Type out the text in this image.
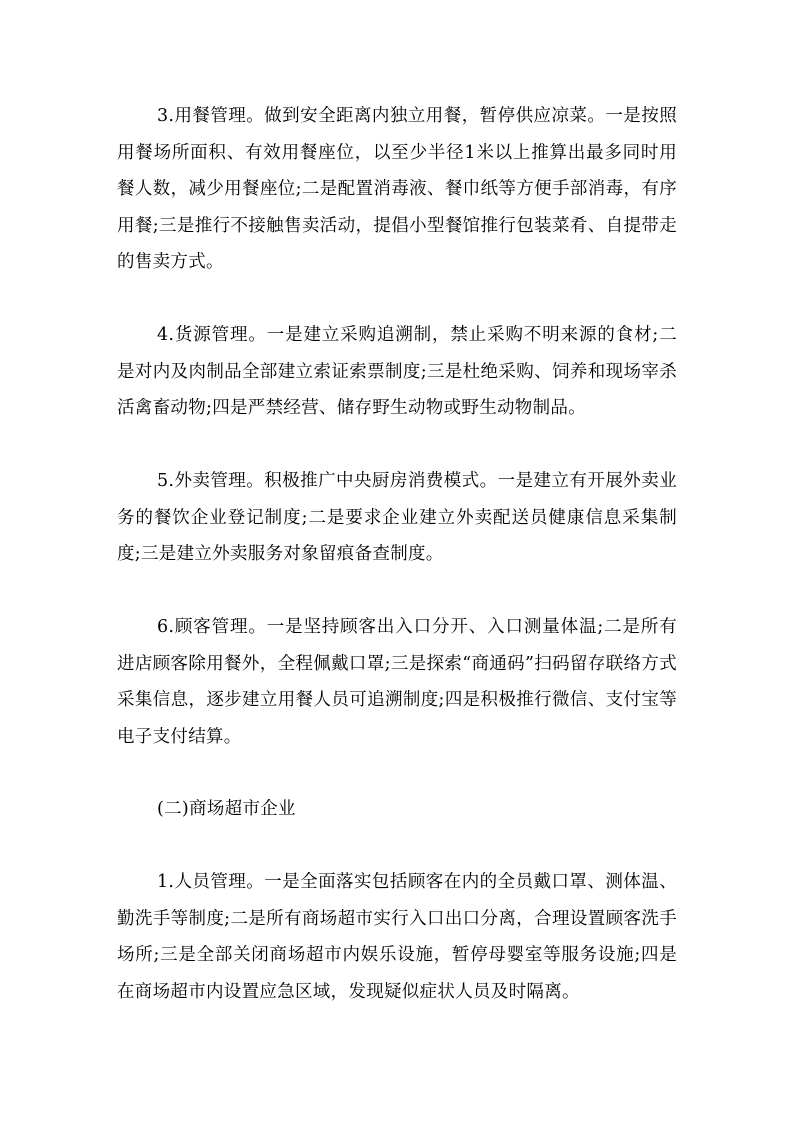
3.用餐管理。做到安全距离内独立用餐，暂停供应凉菜。一是按照用餐场所面积、有效用餐座位，以至少半径1米以上推算出最多同时用餐人数，减少用餐座位;二是配置消毒液、餐巾纸等方便手部消毒，有序用餐;三是推行不接触售卖活动，提倡小型餐馆推行包装菜肴、自提带走的售卖方式。

4.货源管理。一是建立采购追溯制，禁止采购不明来源的食材;二是对内及肉制品全部建立索证索票制度;三是杜绝采购、饲养和现场宰杀活禽畜动物;四是严禁经营、储存野生动物或野生动物制品。

5.外卖管理。积极推广中央厨房消费模式。一是建立有开展外卖业务的餐饮企业登记制度;二是要求企业建立外卖配送员健康信息采集制度;三是建立外卖服务对象留痕备查制度。

6.顾客管理。一是坚持顾客出入口分开、入口测量体温;二是所有进店顾客除用餐外，全程佩戴口罩;三是探索“商通码”扫码留存联络方式采集信息，逐步建立用餐人员可追溯制度;四是积极推行微信、支付宝等电子支付结算。

(二)商场超市企业

1.人员管理。一是全面落实包括顾客在内的全员戴口罩、测体温、勤洗手等制度;二是所有商场超市实行入口出口分离，合理设置顾客洗手场所;三是全部关闭商场超市内娱乐设施，暂停母婴室等服务设施;四是在商场超市内设置应急区域，发现疑似症状人员及时隔离。
